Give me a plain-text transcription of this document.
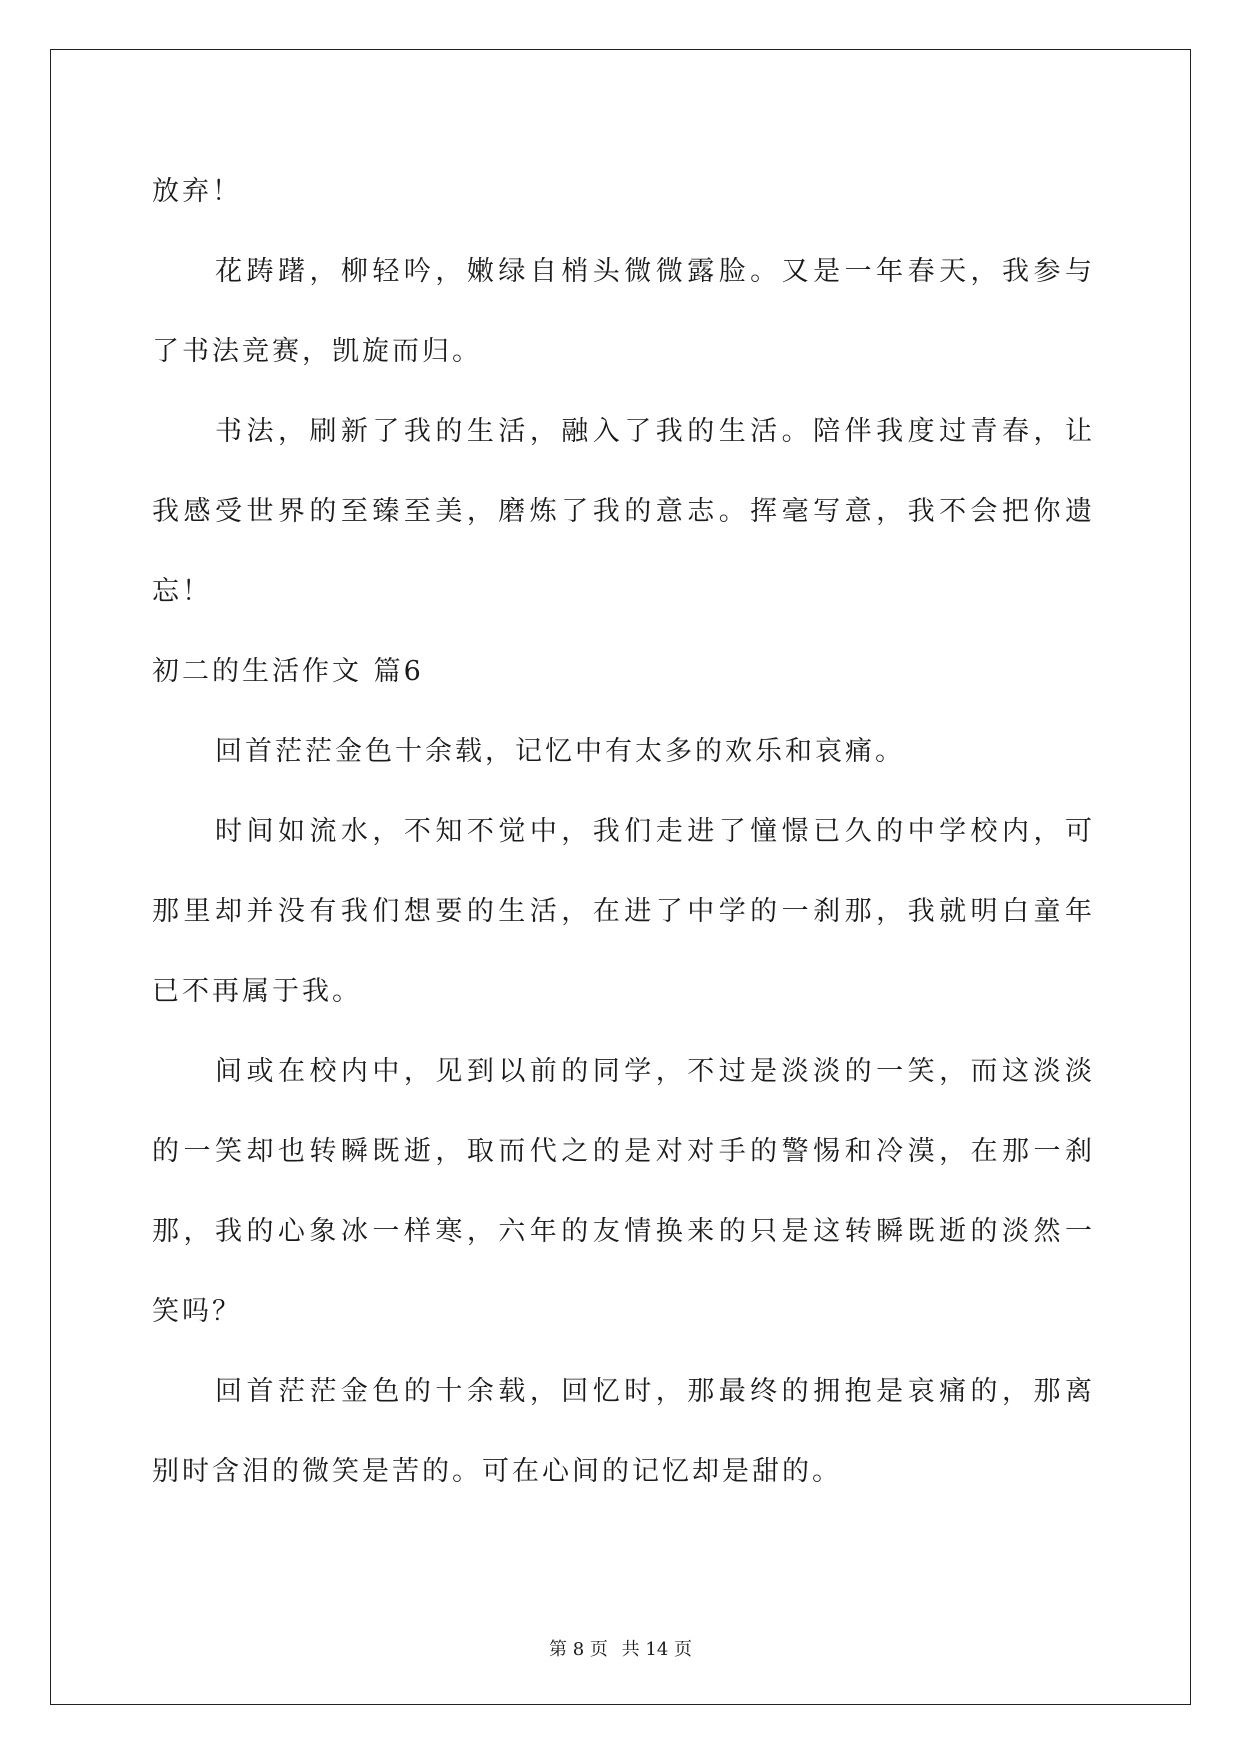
放弃！
花踌躇，柳轻吟，嫩绿自梢头微微露脸。又是一年春天，我参与
了书法竞赛，凯旋而归。
书法，刷新了我的生活，融入了我的生活。陪伴我度过青春，让
我感受世界的至臻至美，磨炼了我的意志。挥毫写意，我不会把你遗
忘！
初二的生活作文 篇6
回首茫茫金色十余载，记忆中有太多的欢乐和哀痛。
时间如流水，不知不觉中，我们走进了憧憬已久的中学校内，可
那里却并没有我们想要的生活，在进了中学的一刹那，我就明白童年
已不再属于我。
间或在校内中，见到以前的同学，不过是淡淡的一笑，而这淡淡
的一笑却也转瞬既逝，取而代之的是对对手的警惕和冷漠，在那一刹
那，我的心象冰一样寒，六年的友情换来的只是这转瞬既逝的淡然一
笑吗？
回首茫茫金色的十余载，回忆时，那最终的拥抱是哀痛的，那离
别时含泪的微笑是苦的。可在心间的记忆却是甜的。
第 8 页 共 14 页
